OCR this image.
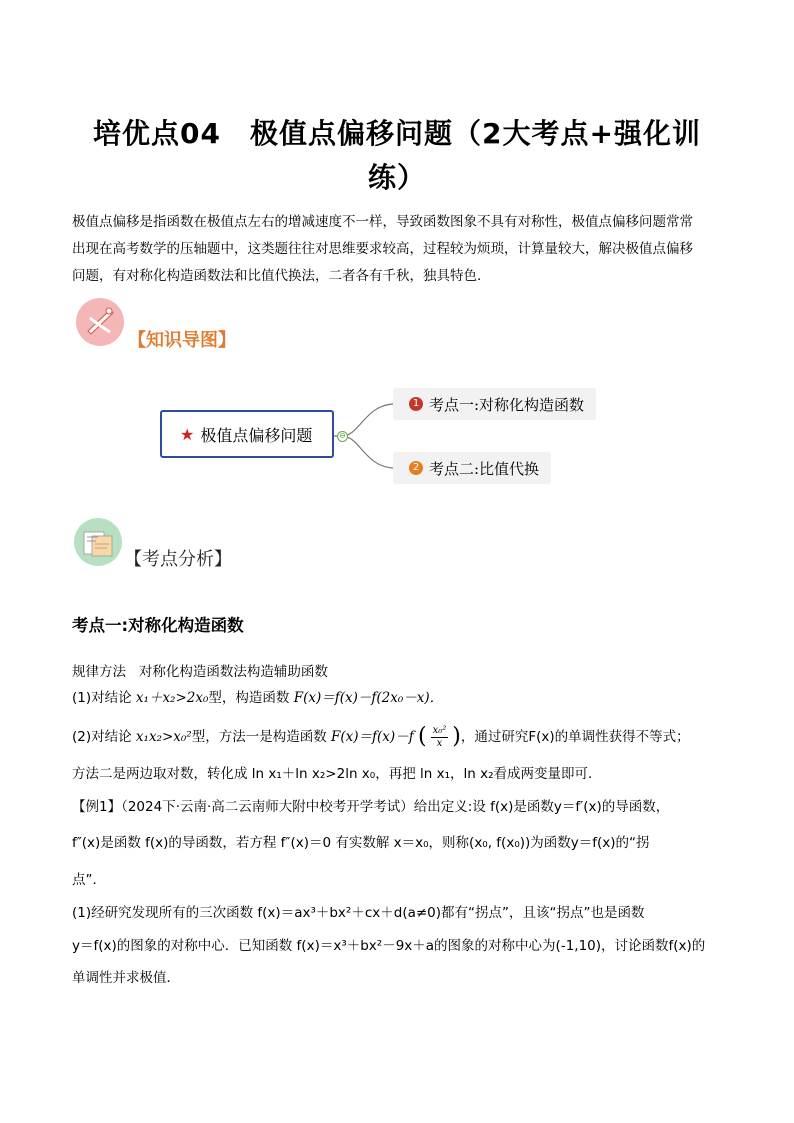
培优点04　极值点偏移问题（2大考点+强化训
练）

极值点偏移是指函数在极值点左右的增减速度不一样，导致函数图象不具有对称性，极值点偏移问题常常

出现在高考数学的压轴题中，这类题往往对思维要求较高，过程较为烦琐，计算量较大，解决极值点偏移

问题，有对称化构造函数法和比值代换法，二者各有千秋，独具特色．

【知识导图】
★ 极值点偏移问题	⊖
1 考点一:对称化构造函数
2 考点二:比值代换
【考点分析】
考点一:对称化构造函数
规律方法 对称化构造函数法构造辅助函数
(1)对结论 x₁＋x₂>2x₀型，构造函数 F(x)＝f(x)－f(2x₀－x)．
(2)对结论 x₁x₂>x₀²型，方法一是构造函数 F(x)＝f(x)－f ( $\frac{\text{x₀²}}{x}$ )，通过研究F(x)的单调性获得不等式；
方法二是两边取对数，转化成 ln x₁＋ln x₂>2ln x₀，再把 ln x₁，ln x₂看成两变量即可．
【例1】（2024下·云南·高二云南师大附中校考开学考试）给出定义:设 f(x)是函数y＝f′(x)的导函数，
f″(x)是函数 f(x)的导函数，若方程 f″(x)＝0 有实数解 x＝x₀，则称(x₀, f(x₀))为函数y＝f(x)的“拐
点”．
(1)经研究发现所有的三次函数 f(x)＝ax³＋bx²＋cx＋d(a≠0)都有“拐点”，且该“拐点”也是函数
y＝f(x)的图象的对称中心．已知函数 f(x)＝x³＋bx²－9x＋a的图象的对称中心为(-1,10)，讨论函数f(x)的
单调性并求极值．
